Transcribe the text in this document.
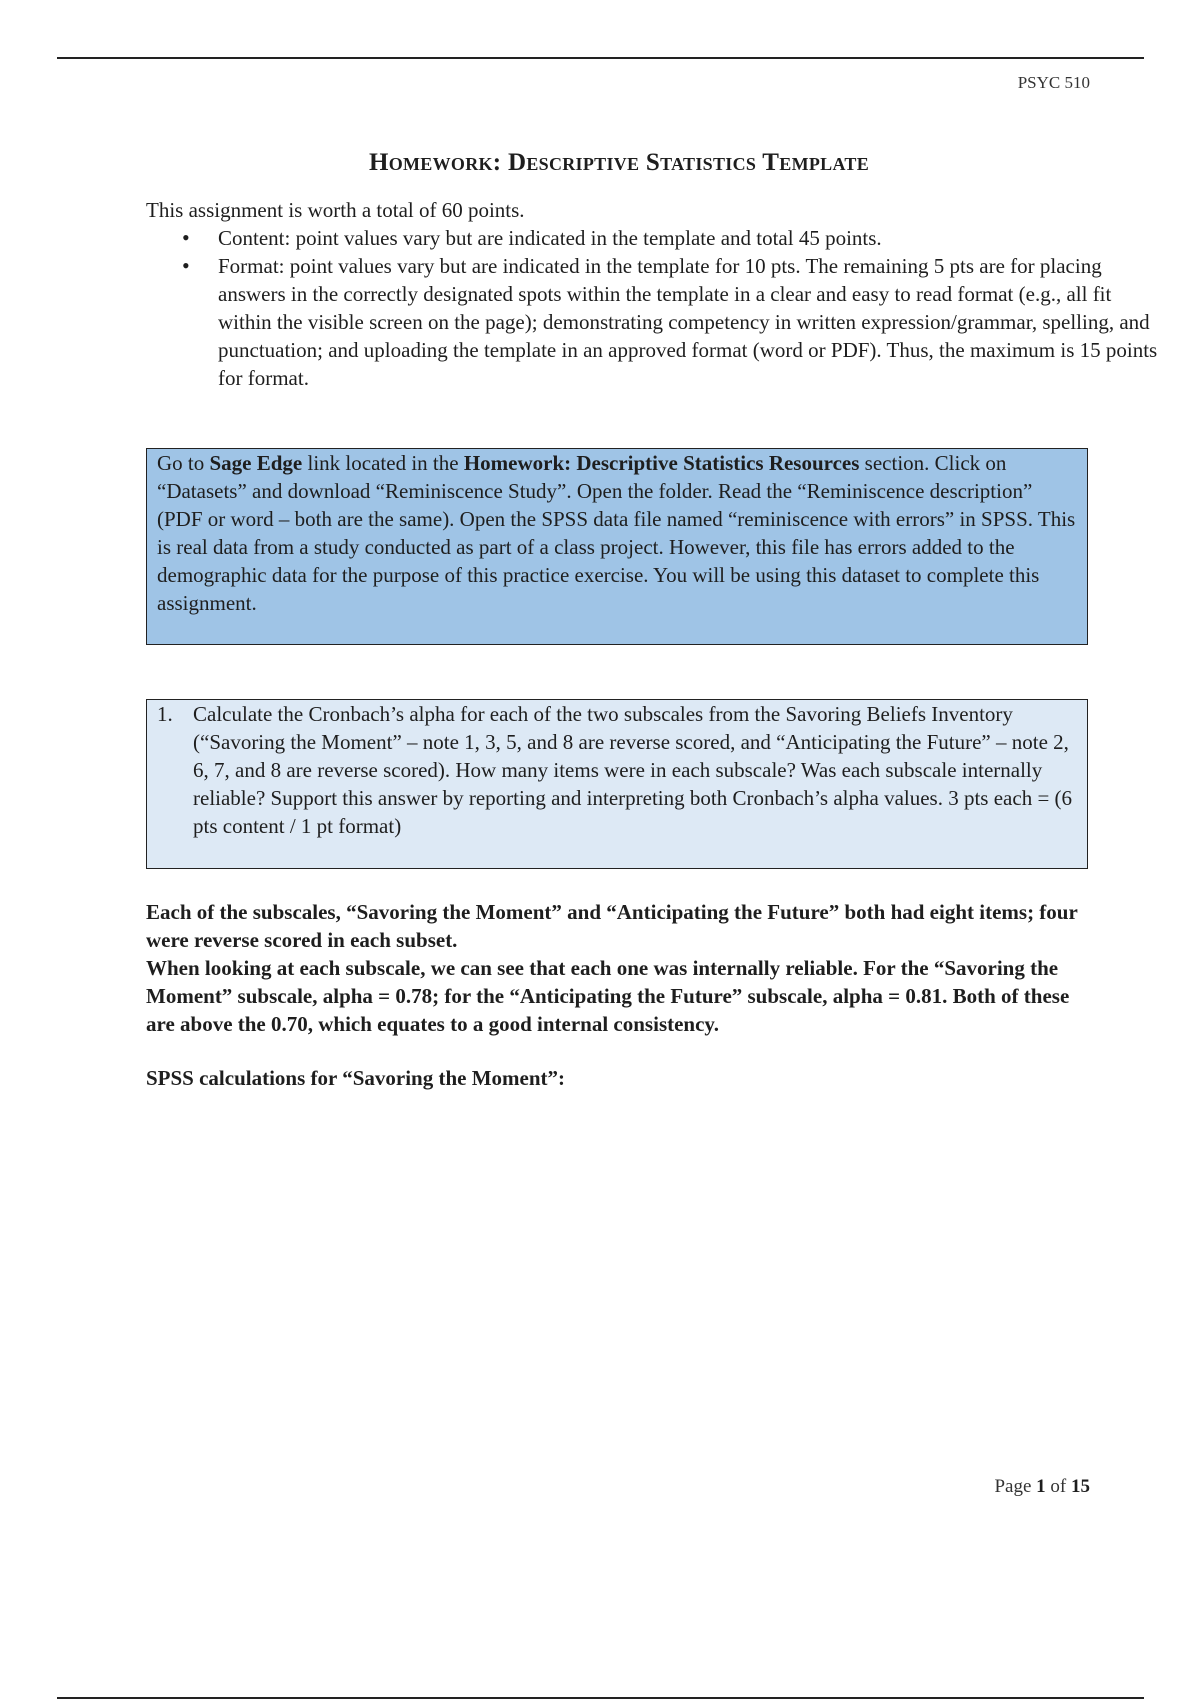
PSYC 510
Homework: Descriptive Statistics Template

This assignment is worth a total of 60 points.

• Content: point values vary but are indicated in the template and total 45 points.
• Format: point values vary but are indicated in the template for 10 pts. The remaining 5 pts are for placing answers in the correctly designated spots within the template in a clear and easy to read format (e.g., all fit within the visible screen on the page); demonstrating competency in written expression/grammar, spelling, and punctuation; and uploading the template in an approved format (word or PDF). Thus, the maximum is 15 points for format.
Go to Sage Edge link located in the Homework: Descriptive Statistics Resources section. Click on “Datasets” and download “Reminiscence Study”. Open the folder. Read the “Reminiscence description” (PDF or word – both are the same). Open the SPSS data file named “reminiscence with errors” in SPSS. This is real data from a study conducted as part of a class project. However, this file has errors added to the demographic data for the purpose of this practice exercise. You will be using this dataset to complete this assignment.
1. Calculate the Cronbach’s alpha for each of the two subscales from the Savoring Beliefs Inventory (“Savoring the Moment” – note 1, 3, 5, and 8 are reverse scored, and “Anticipating the Future” – note 2, 6, 7, and 8 are reverse scored). How many items were in each subscale? Was each subscale internally reliable? Support this answer by reporting and interpreting both Cronbach’s alpha values. 3 pts each = (6 pts content / 1 pt format)

Each of the subscales, “Savoring the Moment” and “Anticipating the Future” both had eight items; four were reverse scored in each subset.

When looking at each subscale, we can see that each one was internally reliable. For the “Savoring the Moment” subscale, alpha = 0.78; for the “Anticipating the Future” subscale, alpha = 0.81. Both of these are above the 0.70, which equates to a good internal consistency.

SPSS calculations for “Savoring the Moment”:

Page 1 of 15
